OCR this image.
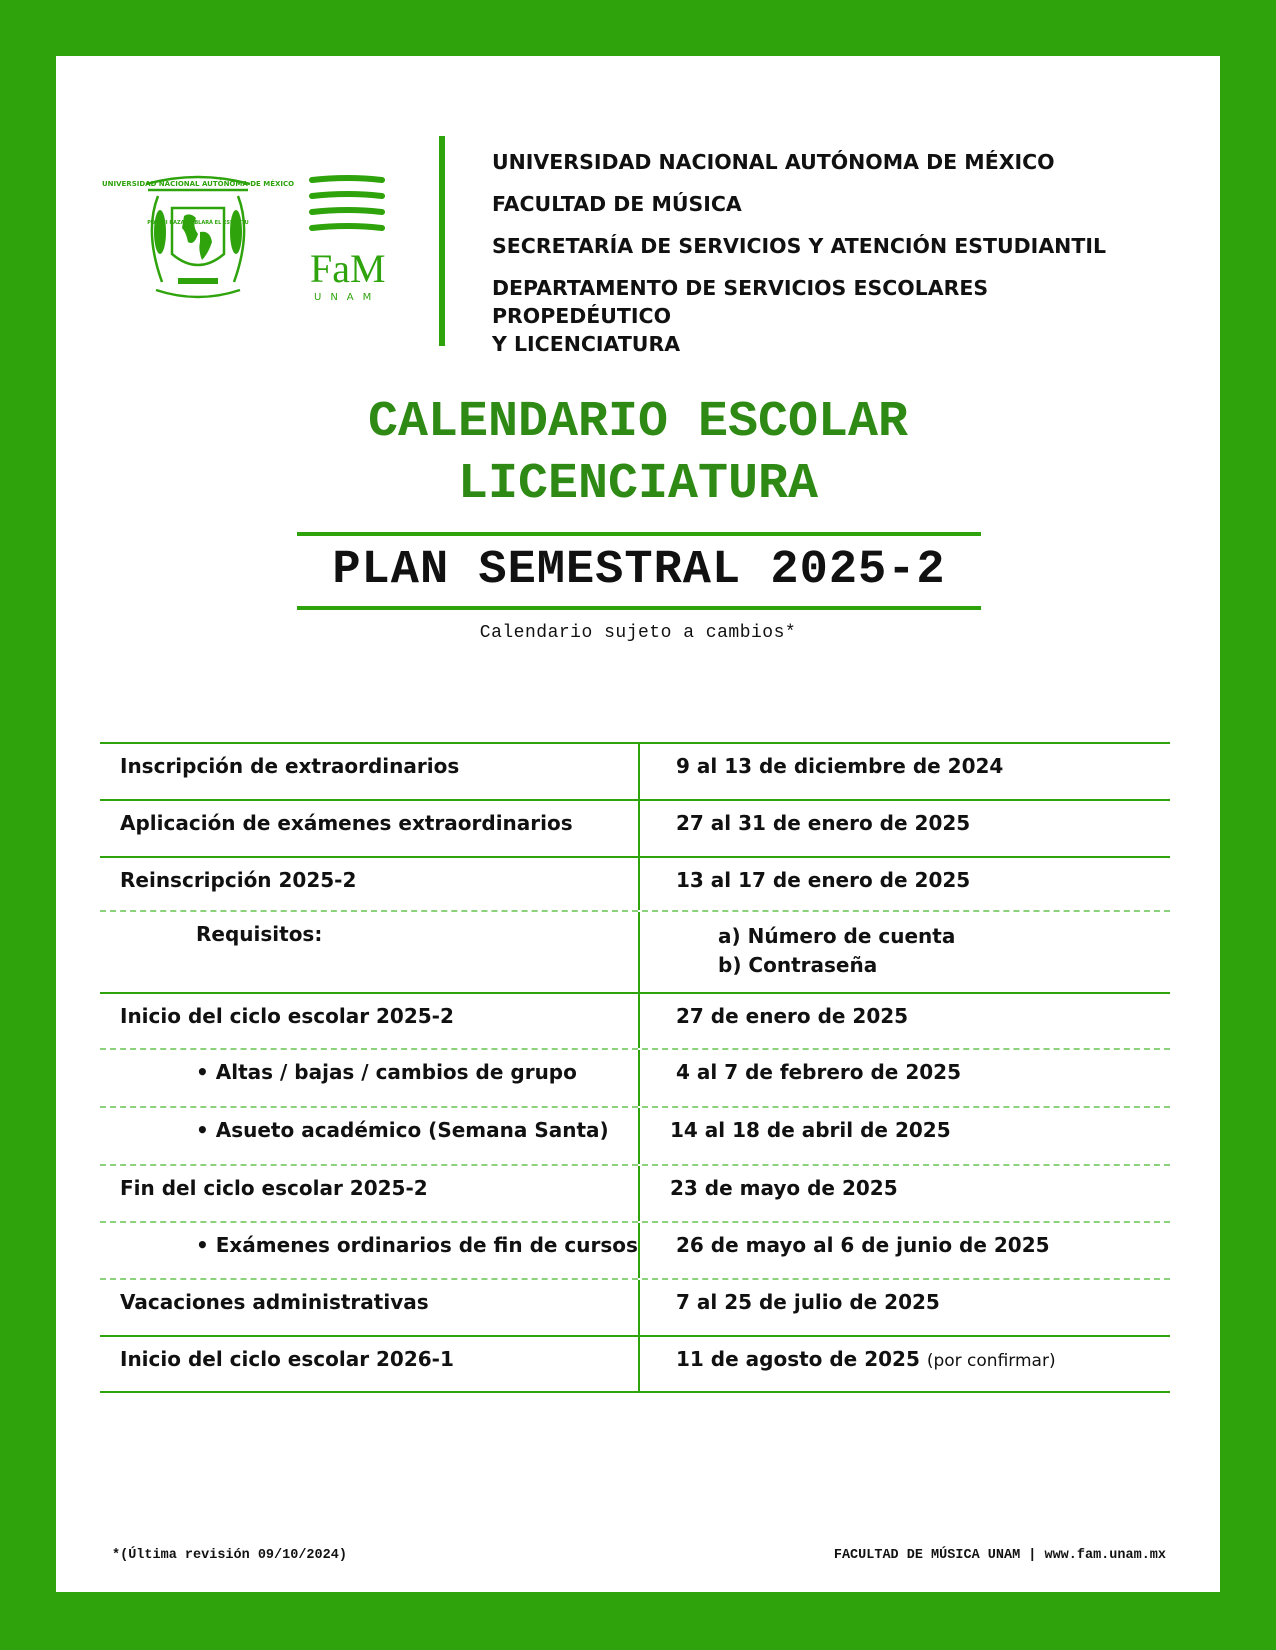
UNIVERSIDAD NACIONAL AUTÓNOMA DE MÉXICO
POR MI RAZA HABLARÁ EL ESPÍRITU
FaM
UNAM
UNIVERSIDAD NACIONAL AUTÓNOMA DE MÉXICO
FACULTAD DE MÚSICA
SECRETARÍA DE SERVICIOS Y ATENCIÓN ESTUDIANTIL
DEPARTAMENTO DE SERVICIOS ESCOLARES PROPEDÉUTICO
Y LICENCIATURA
CALENDARIO ESCOLAR
LICENCIATURA
PLAN SEMESTRAL 2025-2
Calendario sujeto a cambios*
Inscripción de extraordinarios	9 al 13 de diciembre de 2024
Aplicación de exámenes extraordinarios	27 al 31 de enero de 2025
Reinscripción 2025-2	13 al 17 de enero de 2025
Requisitos:	a) Número de cuenta
b) Contraseña
Inicio del ciclo escolar 2025-2	27 de enero de 2025
• Altas / bajas / cambios de grupo	4 al 7 de febrero de 2025
• Asueto académico (Semana Santa)	14 al 18 de abril de 2025
Fin del ciclo escolar 2025-2	23 de mayo de 2025
• Exámenes ordinarios de fin de cursos	26 de mayo al 6 de junio de 2025
Vacaciones administrativas	7 al 25 de julio de 2025
Inicio del ciclo escolar 2026-1	11 de agosto de 2025 (por confirmar)
*(Última revisión 09/10/2024)	FACULTAD DE MÚSICA UNAM | www.fam.unam.mx
